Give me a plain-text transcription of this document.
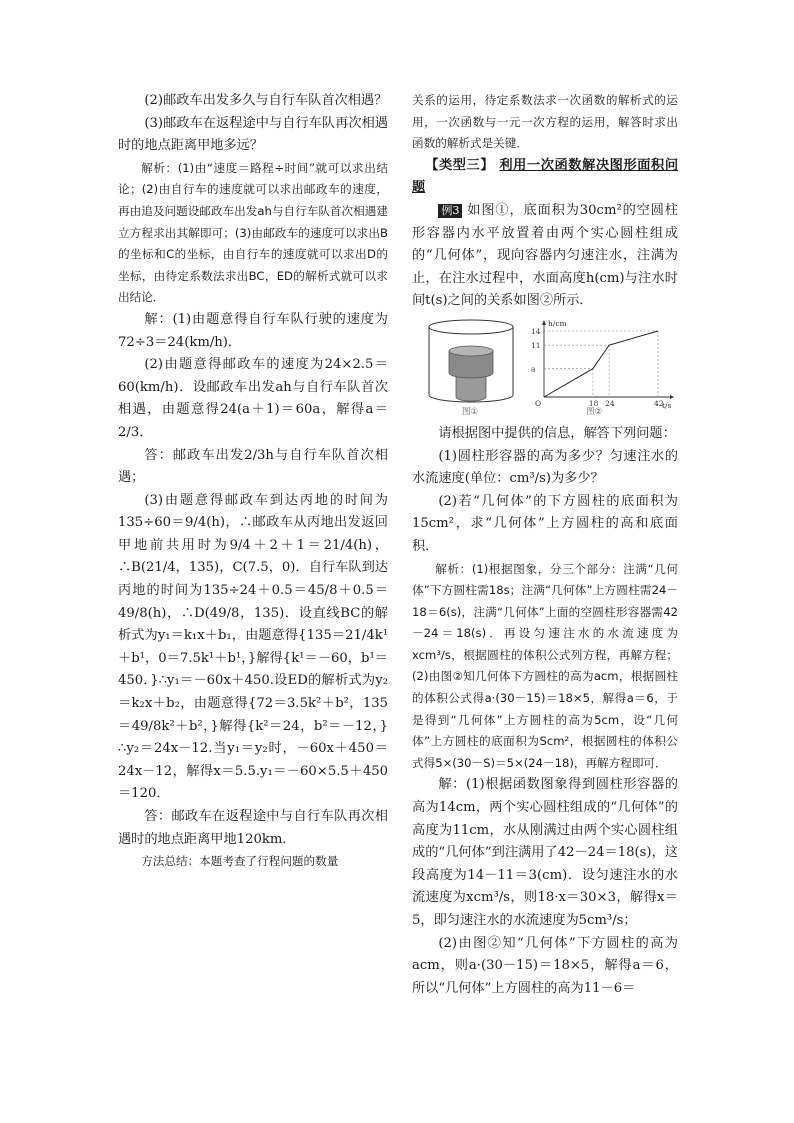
(2)邮政车出发多久与自行车队首次相遇？

(3)邮政车在返程途中与自行车队再次相遇时的地点距离甲地多远？

解析：(1)由“速度＝路程÷时间”就可以求出结论；(2)由自行车的速度就可以求出邮政车的速度，再由追及问题设邮政车出发ah与自行车队首次相遇建立方程求出其解即可；(3)由邮政车的速度可以求出B的坐标和C的坐标，由自行车的速度就可以求出D的坐标，由待定系数法求出BC，ED的解析式就可以求出结论．

解：(1)由题意得自行车队行驶的速度为72÷3＝24(km/h)．

(2)由题意得邮政车的速度为24×2.5＝60(km/h)．设邮政车出发ah与自行车队首次相遇，由题意得24(a＋1)＝60a，解得a＝2/3．

答：邮政车出发2/3h与自行车队首次相遇；

(3)由题意得邮政车到达丙地的时间为135÷60＝9/4(h)，∴邮政车从丙地出发返回甲地前共用时为9/4＋2＋1＝21/4(h)，∴B(21/4，135)，C(7.5，0)．自行车队到达丙地的时间为135÷24＋0.5＝45/8＋0.5＝49/8(h)，∴D(49/8，135)．设直线BC的解析式为y₁＝k₁x＋b₁，由题意得{135＝21/4k¹＋b¹，0＝7.5k¹＋b¹，}解得{k¹＝－60，b¹＝450．}∴y₁＝－60x＋450.设ED的解析式为y₂＝k₂x＋b₂，由题意得{72＝3.5k²＋b²，135＝49/8k²＋b²，}解得{k²＝24，b²＝－12，}∴y₂＝24x－12.当y₁＝y₂时，－60x＋450＝24x－12，解得x＝5.5.y₁＝－60×5.5＋450＝120．

答：邮政车在返程途中与自行车队再次相遇时的地点距离甲地120km．

方法总结：本题考查了行程问题的数量

关系的运用，待定系数法求一次函数的解析式的运用，一次函数与一元一次方程的运用，解答时求出函数的解析式是关键．

【类型三】 利用一次函数解决图形面积问题

例3 如图①，底面积为30cm²的空圆柱形容器内水平放置着由两个实心圆柱组成的“几何体”，现向容器内匀速注水，注满为止，在注水过程中，水面高度h(cm)与注水时间t(s)之间的关系如图②所示．

图①
14
11
a
18 24	42
O
h/cm
t/s
图②

请根据图中提供的信息，解答下列问题：

(1)圆柱形容器的高为多少？匀速注水的水流速度(单位：cm³/s)为多少？

(2)若“几何体”的下方圆柱的底面积为15cm²，求“几何体”上方圆柱的高和底面积．

解析：(1)根据图象，分三个部分：注满“几何体”下方圆柱需18s；注满“几何体”上方圆柱需24－18＝6(s)，注满“几何体”上面的空圆柱形容器需42－24＝18(s)．再设匀速注水的水流速度为xcm³/s，根据圆柱的体积公式列方程，再解方程；(2)由图②知几何体下方圆柱的高为acm，根据圆柱的体积公式得a·(30－15)＝18×5，解得a＝6，于是得到“几何体”上方圆柱的高为5cm，设“几何体”上方圆柱的底面积为Scm²，根据圆柱的体积公式得5×(30－S)＝5×(24－18)，再解方程即可．

解：(1)根据函数图象得到圆柱形容器的高为14cm，两个实心圆柱组成的“几何体”的高度为11cm，水从刚满过由两个实心圆柱组成的“几何体”到注满用了42－24＝18(s)，这段高度为14－11＝3(cm)．设匀速注水的水流速度为xcm³/s，则18·x＝30×3，解得x＝5，即匀速注水的水流速度为5cm³/s；

(2)由图②知“几何体”下方圆柱的高为acm，则a·(30－15)＝18×5，解得a＝6，所以“几何体”上方圆柱的高为11－6＝
